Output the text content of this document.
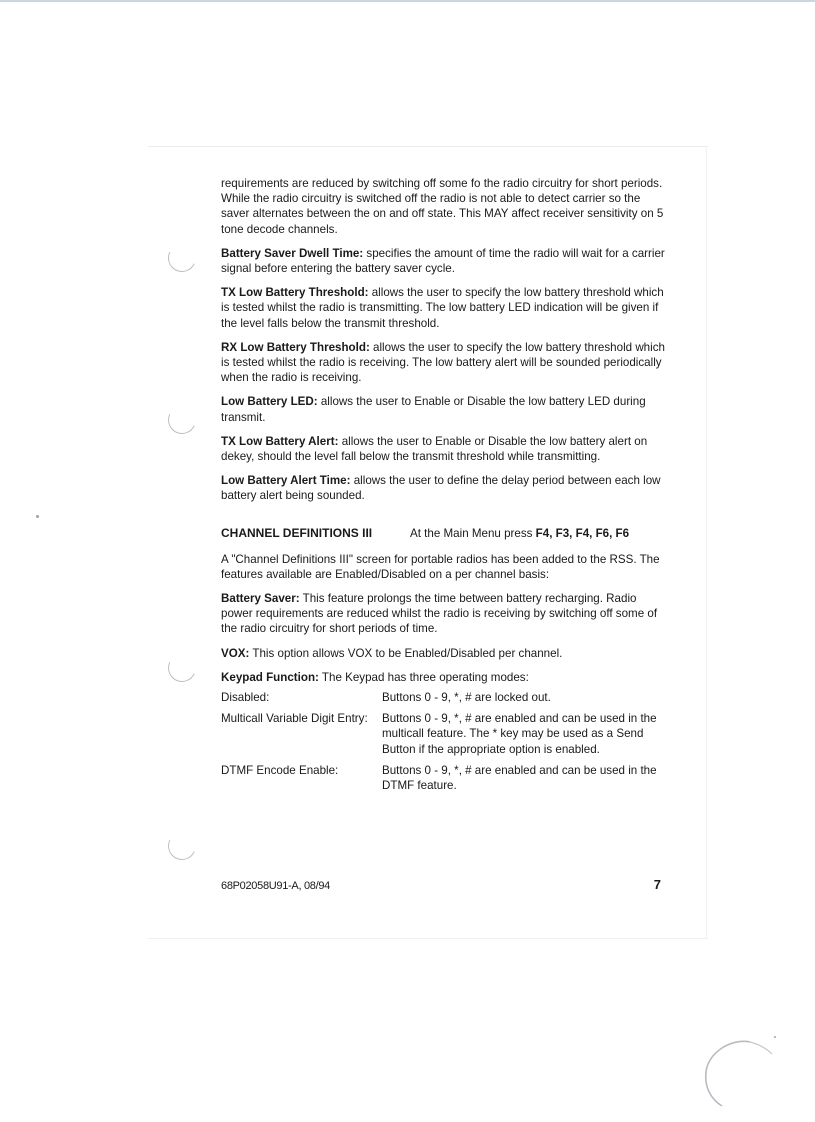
requirements are reduced by switching off some fo the radio circuitry for short periods. While the radio circuitry is switched off the radio is not able to detect carrier so the saver alternates between the on and off state. This MAY affect receiver sensitivity on 5 tone decode channels.

Battery Saver Dwell Time: specifies the amount of time the radio will wait for a carrier signal before entering the battery saver cycle.

TX Low Battery Threshold: allows the user to specify the low battery threshold which is tested whilst the radio is transmitting. The low battery LED indication will be given if the level falls below the transmit threshold.

RX Low Battery Threshold: allows the user to specify the low battery threshold which is tested whilst the radio is receiving. The low battery alert will be sounded periodically when the radio is receiving.

Low Battery LED: allows the user to Enable or Disable the low battery LED during transmit.

TX Low Battery Alert: allows the user to Enable or Disable the low battery alert on dekey, should the level fall below the transmit threshold while transmitting.

Low Battery Alert Time: allows the user to define the delay period between each low battery alert being sounded.

CHANNEL DEFINITIONS III	At the Main Menu press F4, F3, F4, F6, F6

A "Channel Definitions III" screen for portable radios has been added to the RSS. The features available are Enabled/Disabled on a per channel basis:

Battery Saver: This feature prolongs the time between battery recharging. Radio power requirements are reduced whilst the radio is receiving by switching off some of the radio circuitry for short periods of time.

VOX: This option allows VOX to be Enabled/Disabled per channel.

Keypad Function: The Keypad has three operating modes:

Disabled:	Buttons 0 - 9, *, # are locked out.
Multicall Variable Digit Entry:	Buttons 0 - 9, *, # are enabled and can be used in the multicall feature. The * key may be used as a Send Button if the appropriate option is enabled.
DTMF Encode Enable:	Buttons 0 - 9, *, # are enabled and can be used in the DTMF feature.
68P02058U91-A, 08/94	7
